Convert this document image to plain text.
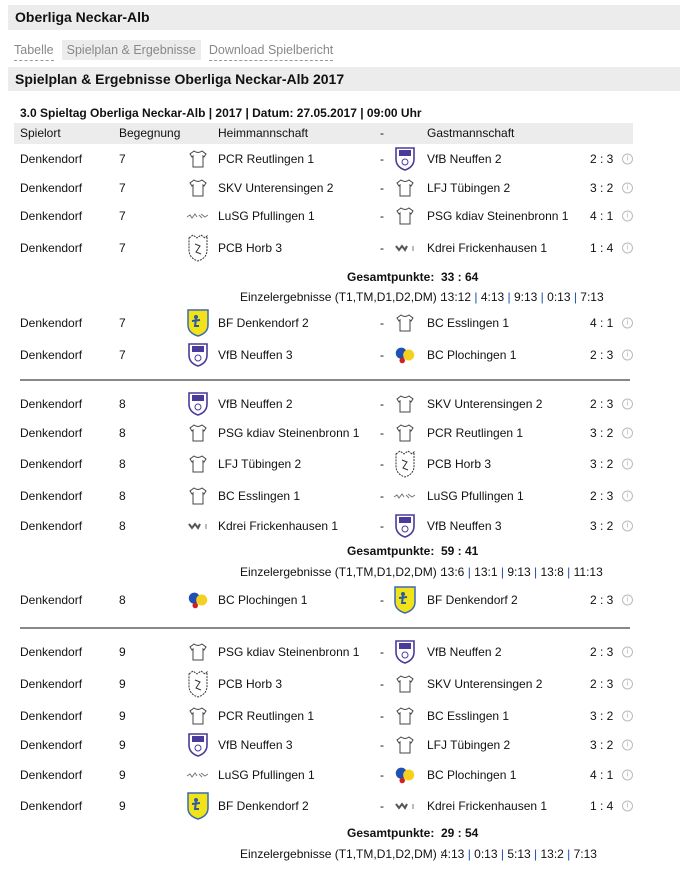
Oberliga Neckar-Alb
Tabelle	Spielplan & Ergebnisse	Download Spielbericht
Spielplan & Ergebnisse Oberliga Neckar-Alb 2017
3.0 Spieltag Oberliga Neckar-Alb | 2017 | Datum: 27.05.2017 | 09:00 Uhr
Spielort	Begegnung	Heimmannschaft	-	Gastmannschaft
Denkendorf	7	PCR Reutlingen 1	-	VfB Neuffen 2	2 : 3	i
Denkendorf	7	SKV Unterensingen 2	-	LFJ Tübingen 2	3 : 2	i
Denkendorf	7	LuSG Pfullingen 1	-	PSG kdiav Steinenbronn 1 4 : 1	i
Denkendorf	7	PCB Horb 3	-	Kdrei Frickenhausen 1	1 : 4	i
Gesamtpunkte: 33 : 64
Einzelergebnisse (T1,TM,D1,D2,DM) :
13:12 | 4:13 | 9:13 | 0:13 | 7:13
Denkendorf	7	BF Denkendorf 2	-	BC Esslingen 1	4 : 1	i
Denkendorf	7	VfB Neuffen 3	-	BC Plochingen 1	2 : 3	i
Denkendorf	8	VfB Neuffen 2	-	SKV Unterensingen 2	2 : 3	i
Denkendorf	8	PSG kdiav Steinenbronn 1 -	PCR Reutlingen 1	3 : 2	i
Denkendorf	8	LFJ Tübingen 2	-	PCB Horb 3	3 : 2	i
Denkendorf	8	BC Esslingen 1	-	LuSG Pfullingen 1	2 : 3	i
Denkendorf	8	Kdrei Frickenhausen 1	-	VfB Neuffen 3	3 : 2	i
Gesamtpunkte: 59 : 41
Einzelergebnisse (T1,TM,D1,D2,DM) :
13:6 | 13:1 | 9:13 | 13:8 | 11:13
Denkendorf	8	BC Plochingen 1	-	BF Denkendorf 2	2 : 3	i
Denkendorf	9	PSG kdiav Steinenbronn 1 -	VfB Neuffen 2	2 : 3	i
Denkendorf	9	PCB Horb 3	-	SKV Unterensingen 2	2 : 3	i
Denkendorf	9	PCR Reutlingen 1	-	BC Esslingen 1	3 : 2	i
Denkendorf	9	VfB Neuffen 3	-	LFJ Tübingen 2	3 : 2	i
Denkendorf	9	LuSG Pfullingen 1	-	BC Plochingen 1	4 : 1	i
Denkendorf	9	BF Denkendorf 2	-	Kdrei Frickenhausen 1	1 : 4	i
Gesamtpunkte: 29 : 54
Einzelergebnisse (T1,TM,D1,D2,DM) :
4:13 | 0:13 | 5:13 | 13:2 | 7:13
